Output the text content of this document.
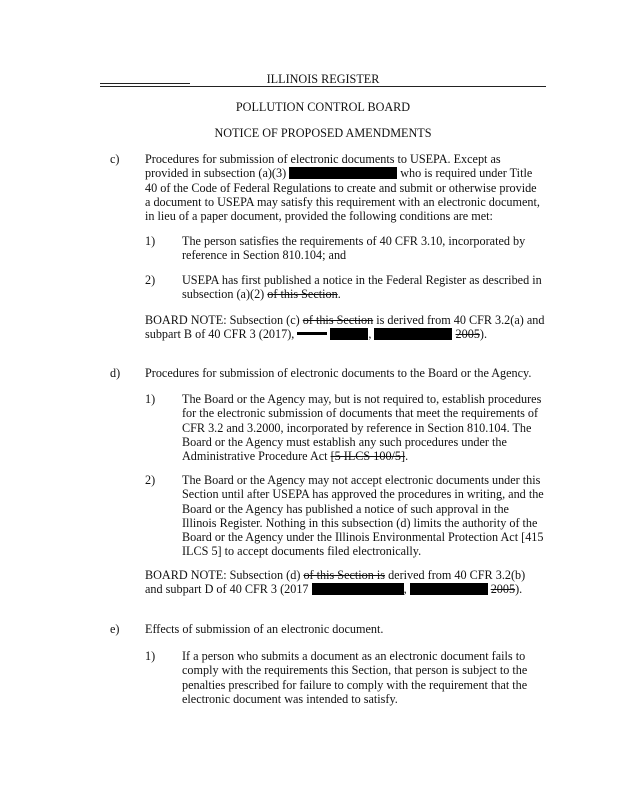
ILLINOIS REGISTER
POLLUTION CONTROL BOARD
NOTICE OF PROPOSED AMENDMENTS
c) Procedures for submission of electronic documents to USEPA. Except as provided in subsection (a)(3)	who is required under Title 40 of the Code of Federal Regulations to create and submit or otherwise provide a document to USEPA may satisfy this requirement with an electronic document, in lieu of a paper document, provided the following conditions are met:
1) The person satisfies the requirements of 40 CFR 3.10, incorporated by reference in Section 810.104; and
2) USEPA has first published a notice in the Federal Register as described in subsection (a)(2) of this Section.
BOARD NOTE: Subsection (c) of this Section is derived from 40 CFR 3.2(a) and subpart B of 40 CFR 3 (2017),	,	2005).
d) Procedures for submission of electronic documents to the Board or the Agency.
1) The Board or the Agency may, but is not required to, establish procedures for the electronic submission of documents that meet the requirements of CFR 3.2 and 3.2000, incorporated by reference in Section 810.104. The Board or the Agency must establish any such procedures under the Administrative Procedure Act [5 ILCS 100/5].
2) The Board or the Agency may not accept electronic documents under this Section until after USEPA has approved the procedures in writing, and the Board or the Agency has published a notice of such approval in the Illinois Register. Nothing in this subsection (d) limits the authority of the Board or the Agency under the Illinois Environmental Protection Act [415 ILCS 5] to accept documents filed electronically.
BOARD NOTE: Subsection (d) of this Section is derived from 40 CFR 3.2(b) and subpart D of 40 CFR 3 (2017	,	2005).
e) Effects of submission of an electronic document.
1) If a person who submits a document as an electronic document fails to comply with the requirements this Section, that person is subject to the penalties prescribed for failure to comply with the requirement that the electronic document was intended to satisfy.
